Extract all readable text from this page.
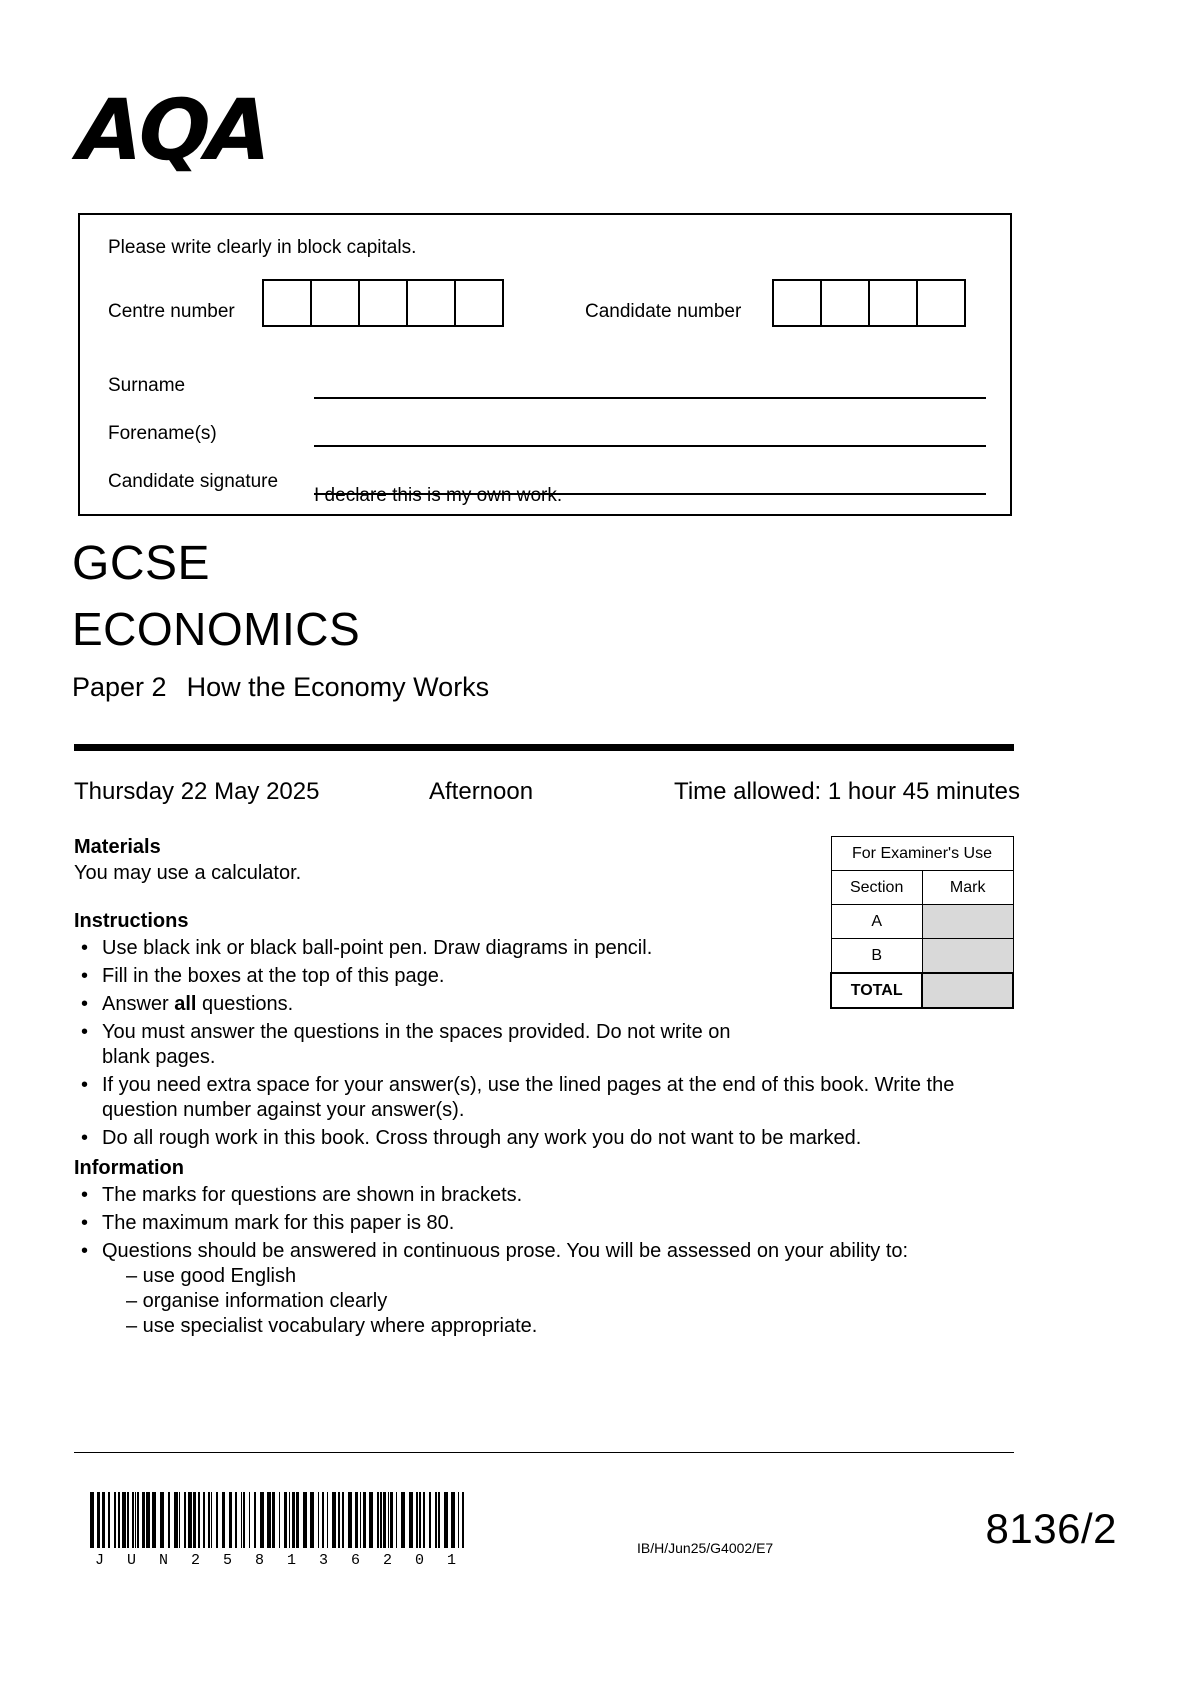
AQA
Please write clearly in block capitals.
Centre number	Candidate number
Surname
Forename(s)
Candidate signature
I declare this is my own work.
GCSE
ECONOMICS
Paper 2 How the Economy Works
Thursday 22 May 2025	Afternoon	Time allowed: 1 hour 45 minutes
Materials
You may use a calculator.
Instructions
• Use black ink or black ball-point pen. Draw diagrams in pencil.
• Fill in the boxes at the top of this page.
• Answer all questions.
• You must answer the questions in the spaces provided. Do not write on
blank pages.
• If you need extra space for your answer(s), use the lined pages at the end of this book. Write the
question number against your answer(s).
• Do all rough work in this book. Cross through any work you do not want to be marked.
Information
• The marks for questions are shown in brackets.
• The maximum mark for this paper is 80.
• Questions should be answered in continuous prose. You will be assessed on your ability to:
– use good English
– organise information clearly
– use specialist vocabulary where appropriate.
For Examiner's Use	
Section	Mark
A	
B	
TOTAL	
J U N 2 5 8 1 3 6 2 0 1
IB/H/Jun25/G4002/E7	8136/2
